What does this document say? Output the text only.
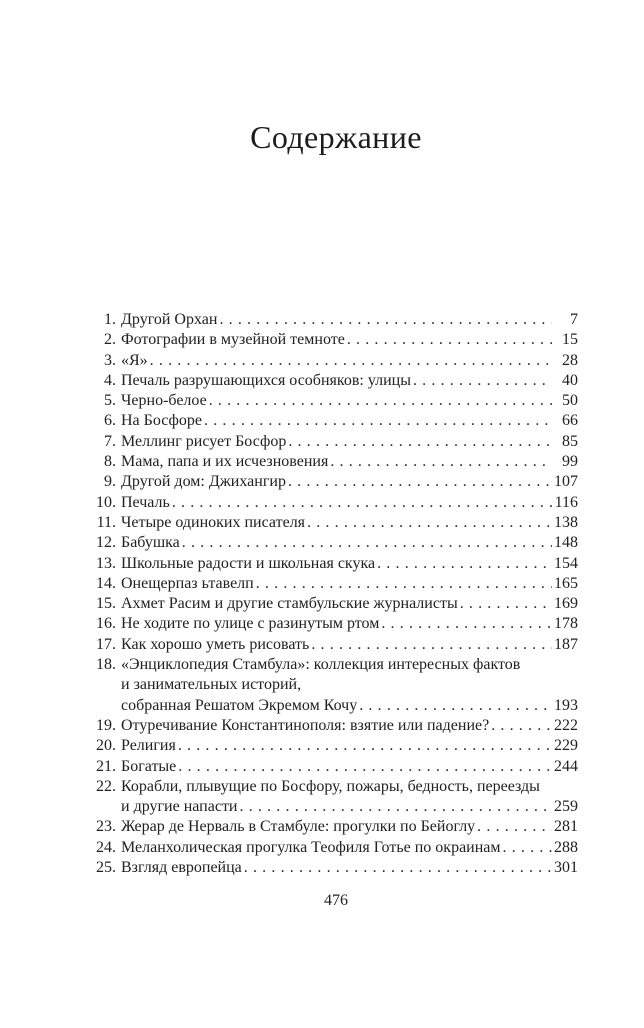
Содержание
1. Другой Орхан . . .	7
2. Фотографии в музейной темноте . . .	15
3. «Я» . . .	28
4. Печаль разрушающихся особняков: улицы . . .	40
5. Черно-белое . . .	50
6. На Босфоре . . .	66
7. Меллинг рисует Босфор . . .	85
8. Мама, папа и их исчезновения . . .	99
9. Другой дом: Джихангир . . .	107
10. Печаль . . .	116
11. Четыре одиноких писателя . . .	138
12. Бабушка . . .	148
13. Школьные радости и школьная скука . . .	154
14. Онещерпаз ьтавелп . . .	165
15. Ахмет Расим и другие стамбульские журналисты . . .	169
16. Не ходите по улице с разинутым ртом . . .	178
17. Как хорошо уметь рисовать . . .	187
18. «Энциклопедия Стамбула»: коллекция интересных фактов
и занимательных историй,
собранная Решатом Экремом Кочу . . .	193
19. Отуречивание Константинополя: взятие или падение? . . .	222
20. Религия . . .	229
21. Богатые . . .	244
22. Корабли, плывущие по Босфору, пожары, бедность, переезды
и другие напасти . . .	259
23. Жерар де Нерваль в Стамбуле: прогулки по Бейоглу . . .	281
24. Меланхолическая прогулка Теофиля Готье по окраинам . . .	288
25. Взгляд европейца . . .	301
476
